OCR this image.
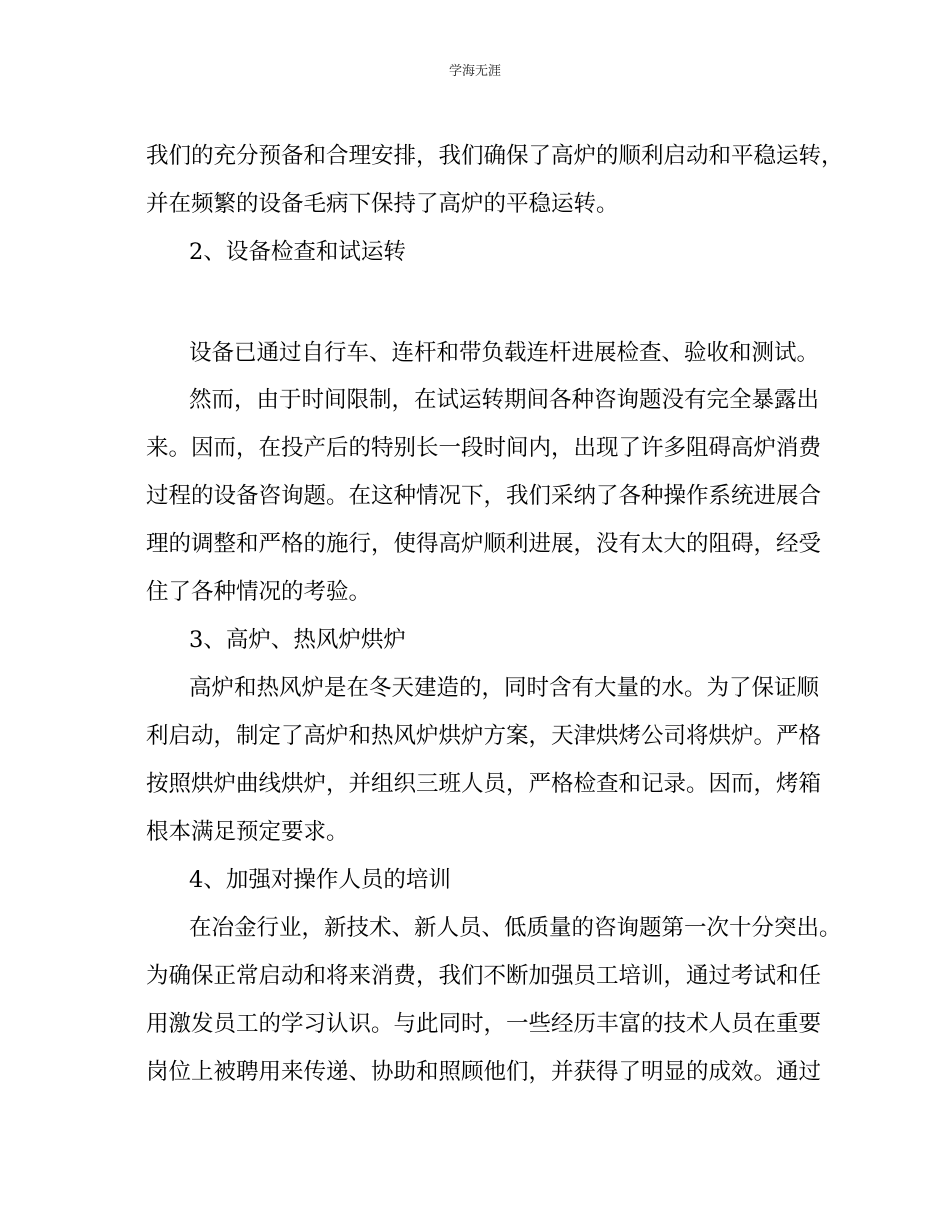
学海无涯
我们的充分预备和合理安排，我们确保了高炉的顺利启动和平稳运转，
并在频繁的设备毛病下保持了高炉的平稳运转。
2、设备检查和试运转
设备已通过自行车、连杆和带负载连杆进展检查、验收和测试。
然而，由于时间限制，在试运转期间各种咨询题没有完全暴露出
来。因而，在投产后的特别长一段时间内，出现了许多阻碍高炉消费
过程的设备咨询题。在这种情况下，我们采纳了各种操作系统进展合
理的调整和严格的施行，使得高炉顺利进展，没有太大的阻碍，经受
住了各种情况的考验。
3、高炉、热风炉烘炉
高炉和热风炉是在冬天建造的，同时含有大量的水。为了保证顺
利启动，制定了高炉和热风炉烘炉方案，天津烘烤公司将烘炉。严格
按照烘炉曲线烘炉，并组织三班人员，严格检查和记录。因而，烤箱
根本满足预定要求。
4、加强对操作人员的培训
在冶金行业，新技术、新人员、低质量的咨询题第一次十分突出。
为确保正常启动和将来消费，我们不断加强员工培训，通过考试和任
用激发员工的学习认识。与此同时，一些经历丰富的技术人员在重要
岗位上被聘用来传递、协助和照顾他们，并获得了明显的成效。通过
